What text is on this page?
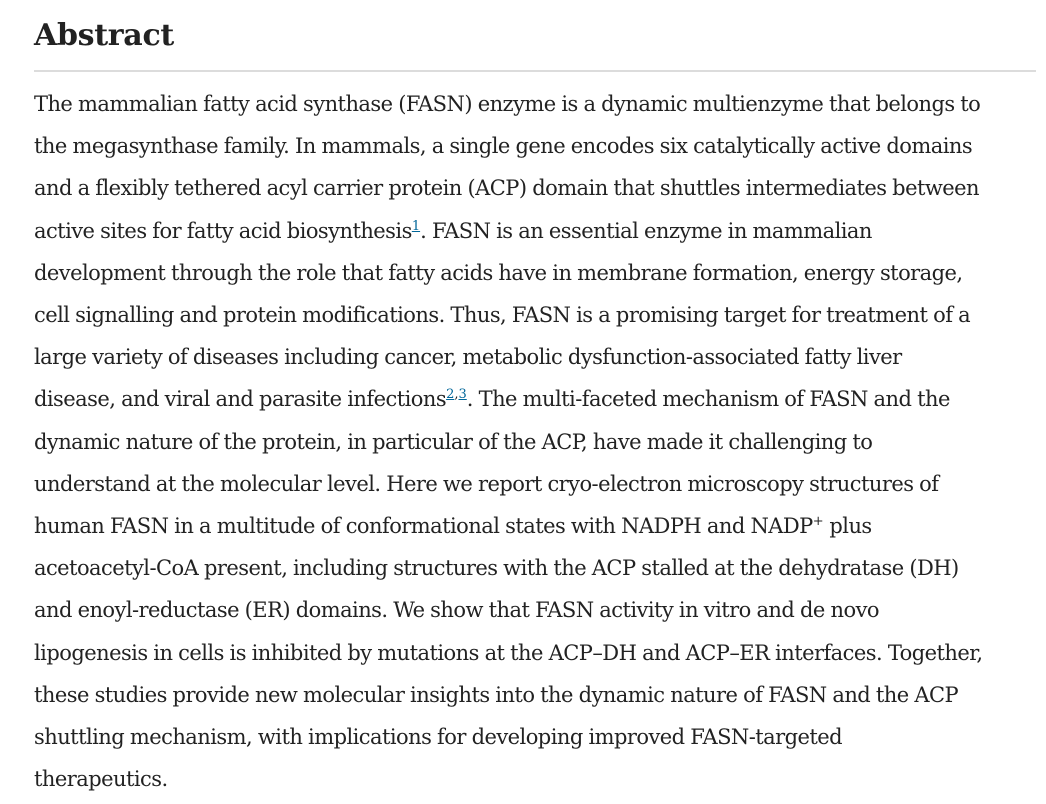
Abstract

The mammalian fatty acid synthase (FASN) enzyme is a dynamic multienzyme that belongs to
the megasynthase family. In mammals, a single gene encodes six catalytically active domains
and a flexibly tethered acyl carrier protein (ACP) domain that shuttles intermediates between
active sites for fatty acid biosynthesis$^1$. FASN is an essential enzyme in mammalian
development through the role that fatty acids have in membrane formation, energy storage,
cell signalling and protein modifications. Thus, FASN is a promising target for treatment of a
large variety of diseases including cancer, metabolic dysfunction-associated fatty liver
disease, and viral and parasite infections$^{2,3}$. The multi-faceted mechanism of FASN and the
dynamic nature of the protein, in particular of the ACP, have made it challenging to
understand at the molecular level. Here we report cryo-electron microscopy structures of
human FASN in a multitude of conformational states with NADPH and NADP+ plus
acetoacetyl-CoA present, including structures with the ACP stalled at the dehydratase (DH)
and enoyl-reductase (ER) domains. We show that FASN activity in vitro and de novo
lipogenesis in cells is inhibited by mutations at the ACP–DH and ACP–ER interfaces. Together,
these studies provide new molecular insights into the dynamic nature of FASN and the ACP
shuttling mechanism, with implications for developing improved FASN-targeted
therapeutics.
